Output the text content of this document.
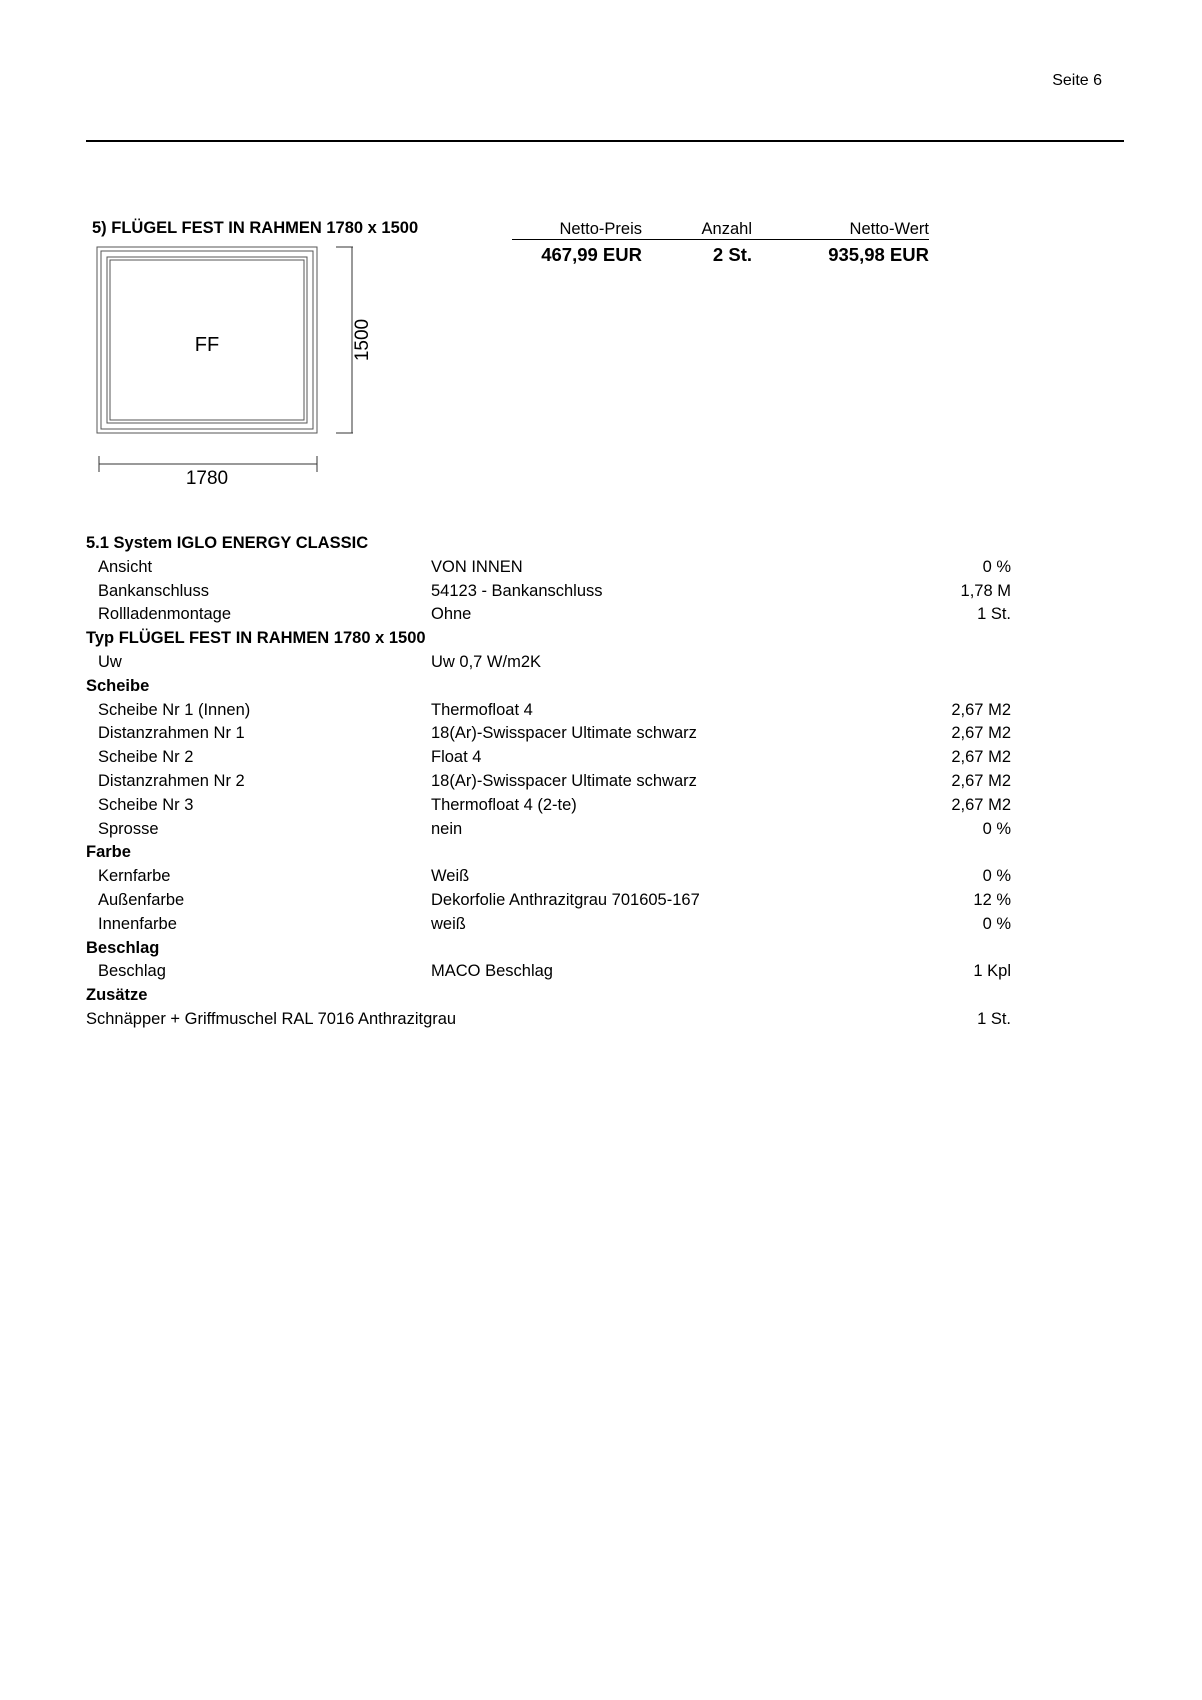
Seite 6
5) FLÜGEL FEST IN RAHMEN 1780 x 1500	Netto-Preis	Anzahl	Netto-Wert
467,99 EUR	2 St.	935,98 EUR
FF
1780
1500
5.1 System IGLO ENERGY CLASSIC
Ansicht	VON INNEN	0 %
Bankanschluss	54123 - Bankanschluss	1,78 M
Rollladenmontage	Ohne	1 St.
Typ FLÜGEL FEST IN RAHMEN 1780 x 1500
Uw	Uw 0,7 W/m2K
Scheibe
Scheibe Nr 1 (Innen)	Thermofloat 4	2,67 M2
Distanzrahmen Nr 1	18(Ar)-Swisspacer Ultimate schwarz	2,67 M2
Scheibe Nr 2	Float 4	2,67 M2
Distanzrahmen Nr 2	18(Ar)-Swisspacer Ultimate schwarz	2,67 M2
Scheibe Nr 3	Thermofloat 4 (2-te)	2,67 M2
Sprosse	nein	0 %
Farbe
Kernfarbe	Weiß	0 %
Außenfarbe	Dekorfolie Anthrazitgrau 701605-167	12 %
Innenfarbe	weiß	0 %
Beschlag
Beschlag	MACO Beschlag	1 Kpl
Zusätze
Schnäpper + Griffmuschel RAL 7016 Anthrazitgrau	1 St.
